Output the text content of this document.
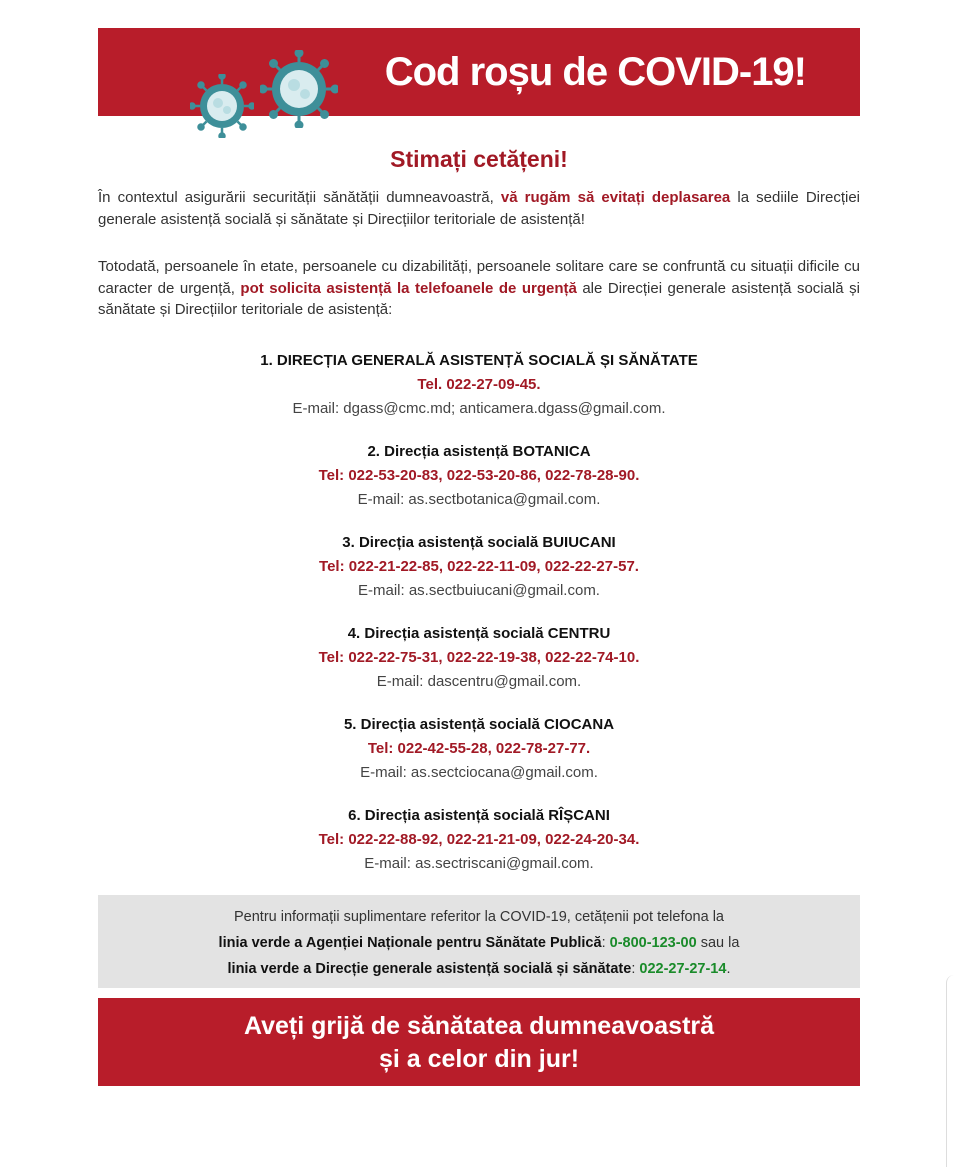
Cod roșu de COVID-19!
Stimați cetățeni!
În contextul asigurării securității sănătății dumneavoastră, vă rugăm să evitați deplasarea la sediile Direcției generale asistență socială și sănătate și Direcțiilor teritoriale de asistență!
Totodată, persoanele în etate, persoanele cu dizabilități, persoanele solitare care se confruntă cu situații dificile cu caracter de urgență, pot solicita asistență la telefoanele de urgență ale Direcției generale asistență socială și sănătate și Direcțiilor teritoriale de asistență:
1. DIRECȚIA GENERALĂ ASISTENȚĂ SOCIALĂ ȘI SĂNĂTATE
Tel. 022-27-09-45.
E-mail: dgass@cmc.md; anticamera.dgass@gmail.com.
2. Direcția asistență BOTANICA
Tel: 022-53-20-83, 022-53-20-86, 022-78-28-90.
E-mail: as.sectbotanica@gmail.com.
3. Direcția asistență socială BUIUCANI
Tel: 022-21-22-85, 022-22-11-09, 022-22-27-57.
E-mail: as.sectbuiucani@gmail.com.
4. Direcția asistență socială CENTRU
Tel: 022-22-75-31, 022-22-19-38, 022-22-74-10.
E-mail: dascentru@gmail.com.
5. Direcția asistență socială CIOCANA
Tel: 022-42-55-28, 022-78-27-77.
E-mail: as.sectciocana@gmail.com.
6. Direcția asistență socială RÎȘCANI
Tel: 022-22-88-92, 022-21-21-09, 022-24-20-34.
E-mail: as.sectriscani@gmail.com.
Pentru informații suplimentare referitor la COVID-19, cetățenii pot telefona la
linia verde a Agenției Naționale pentru Sănătate Publică: 0-800-123-00 sau la
linia verde a Direcție generale asistență socială și sănătate: 022-27-27-14.
Aveți grijă de sănătatea dumneavoastră
și a celor din jur!
